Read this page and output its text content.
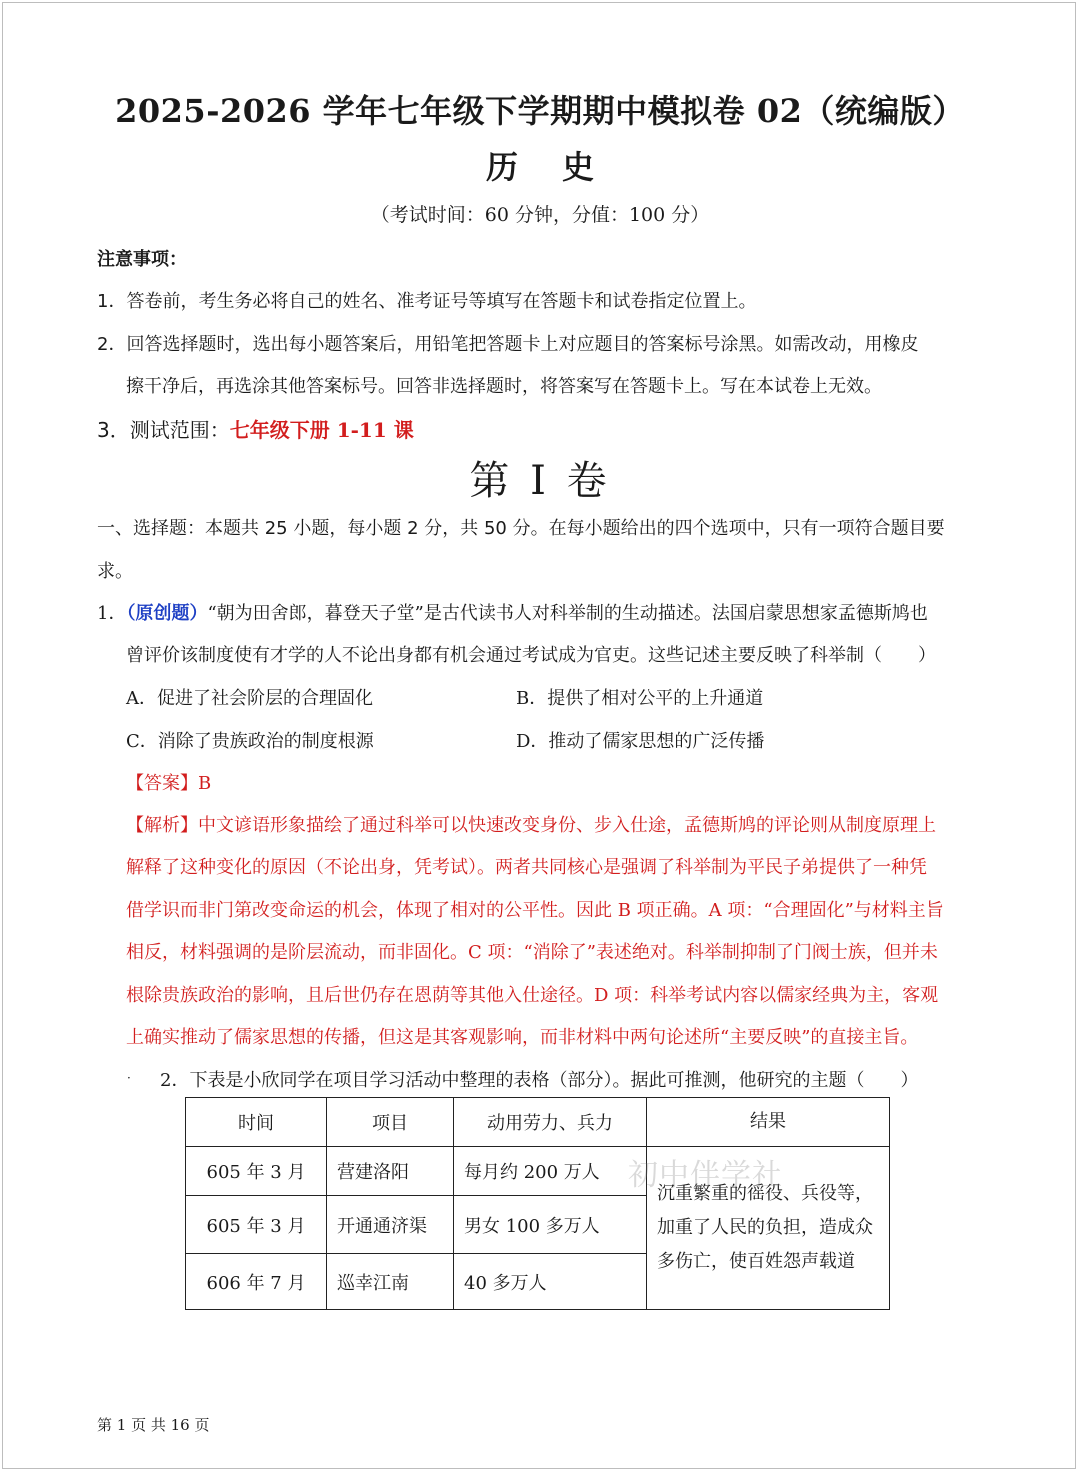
2025-2026 学年七年级下学期期中模拟卷 02（统编版）
历史
（考试时间：60 分钟，分值：100 分）
注意事项：
1．答卷前，考生务必将自己的姓名、准考证号等填写在答题卡和试卷指定位置上。
2．回答选择题时，选出每小题答案后，用铅笔把答题卡上对应题目的答案标号涂黑。如需改动，用橡皮
擦干净后，再选涂其他答案标号。回答非选择题时，将答案写在答题卡上。写在本试卷上无效。
3．测试范围：七年级下册 1-11 课
第 I 卷
一、选择题：本题共 25 小题，每小题 2 分，共 50 分。在每小题给出的四个选项中，只有一项符合题目要
求。
1．（原创题）“朝为田舍郎，暮登天子堂”是古代读书人对科举制的生动描述。法国启蒙思想家孟德斯鸠也
曾评价该制度使有才学的人不论出身都有机会通过考试成为官吏。这些记述主要反映了科举制（　　）
A．促进了社会阶层的合理固化	B．提供了相对公平的上升通道
C．消除了贵族政治的制度根源	D．推动了儒家思想的广泛传播
【答案】B
【解析】中文谚语形象描绘了通过科举可以快速改变身份、步入仕途，孟德斯鸠的评论则从制度原理上
解释了这种变化的原因（不论出身，凭考试）。两者共同核心是强调了科举制为平民子弟提供了一种凭
借学识而非门第改变命运的机会，体现了相对的公平性。因此 B 项正确。A 项：“合理固化”与材料主旨
相反，材料强调的是阶层流动，而非固化。C 项：“消除了”表述绝对。科举制抑制了门阀士族，但并未
根除贵族政治的影响，且后世仍存在恩荫等其他入仕途径。D 项：科举考试内容以儒家经典为主，客观
上确实推动了儒家思想的传播，但这是其客观影响，而非材料中两句论述所“主要反映”的直接主旨。
· 2．下表是小欣同学在项目学习活动中整理的表格（部分）。据此可推测，他研究的主题（　　）
时间	项目	动用劳力、兵力	结果
605 年 3 月	营建洛阳	每月约 200 万人	沉重繁重的徭役、兵役等，加重了人民的负担，造成众多伤亡，使百姓怨声载道
605 年 3 月	开通通济渠	男女 100 多万人	
606 年 7 月	巡幸江南	40 多万人	
初中伴学社
第 1 页 共 16 页
